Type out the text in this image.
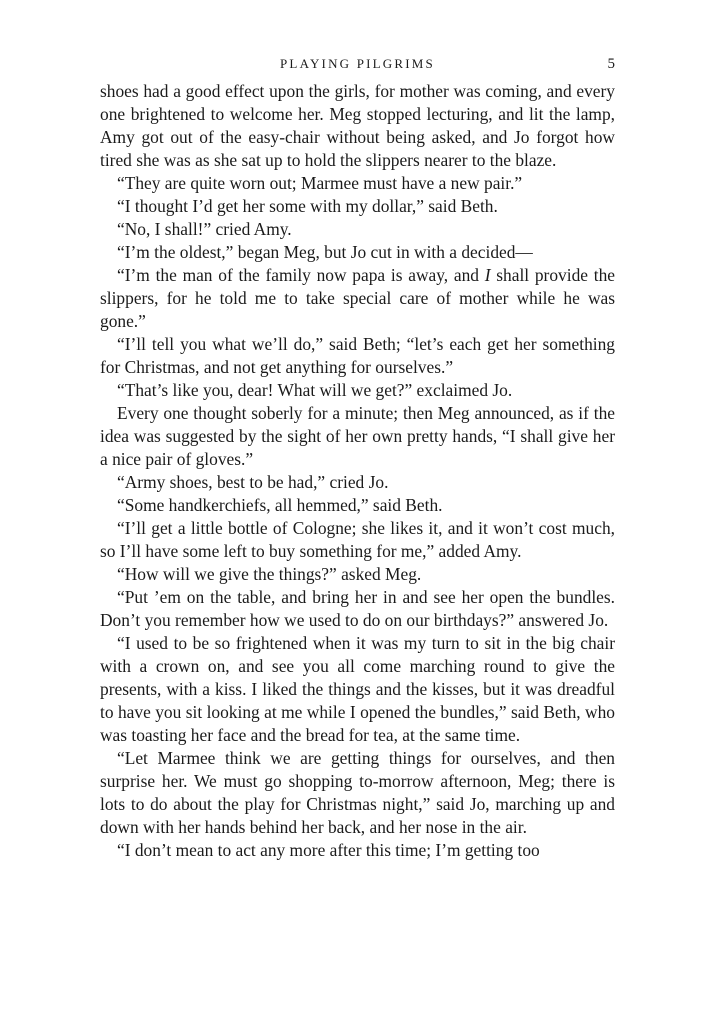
PLAYING PILGRIMS	5

shoes had a good effect upon the girls, for mother was coming, and every one brightened to welcome her. Meg stopped lecturing, and lit the lamp, Amy got out of the easy-chair without being asked, and Jo forgot how tired she was as she sat up to hold the slippers nearer to the blaze.

“They are quite worn out; Marmee must have a new pair.”

“I thought I’d get her some with my dollar,” said Beth.

“No, I shall!” cried Amy.

“I’m the oldest,” began Meg, but Jo cut in with a decided—

“I’m the man of the family now papa is away, and I shall provide the slippers, for he told me to take special care of mother while he was gone.”

“I’ll tell you what we’ll do,” said Beth; “let’s each get her something for Christmas, and not get anything for ourselves.”

“That’s like you, dear! What will we get?” exclaimed Jo.

Every one thought soberly for a minute; then Meg announced, as if the idea was suggested by the sight of her own pretty hands, “I shall give her a nice pair of gloves.”

“Army shoes, best to be had,” cried Jo.

“Some handkerchiefs, all hemmed,” said Beth.

“I’ll get a little bottle of Cologne; she likes it, and it won’t cost much, so I’ll have some left to buy something for me,” added Amy.

“How will we give the things?” asked Meg.

“Put ’em on the table, and bring her in and see her open the bundles. Don’t you remember how we used to do on our birthdays?” answered Jo.

“I used to be so frightened when it was my turn to sit in the big chair with a crown on, and see you all come marching round to give the presents, with a kiss. I liked the things and the kisses, but it was dreadful to have you sit looking at me while I opened the bundles,” said Beth, who was toasting her face and the bread for tea, at the same time.

“Let Marmee think we are getting things for ourselves, and then surprise her. We must go shopping to-morrow afternoon, Meg; there is lots to do about the play for Christmas night,” said Jo, marching up and down with her hands behind her back, and her nose in the air.

“I don’t mean to act any more after this time; I’m getting too
